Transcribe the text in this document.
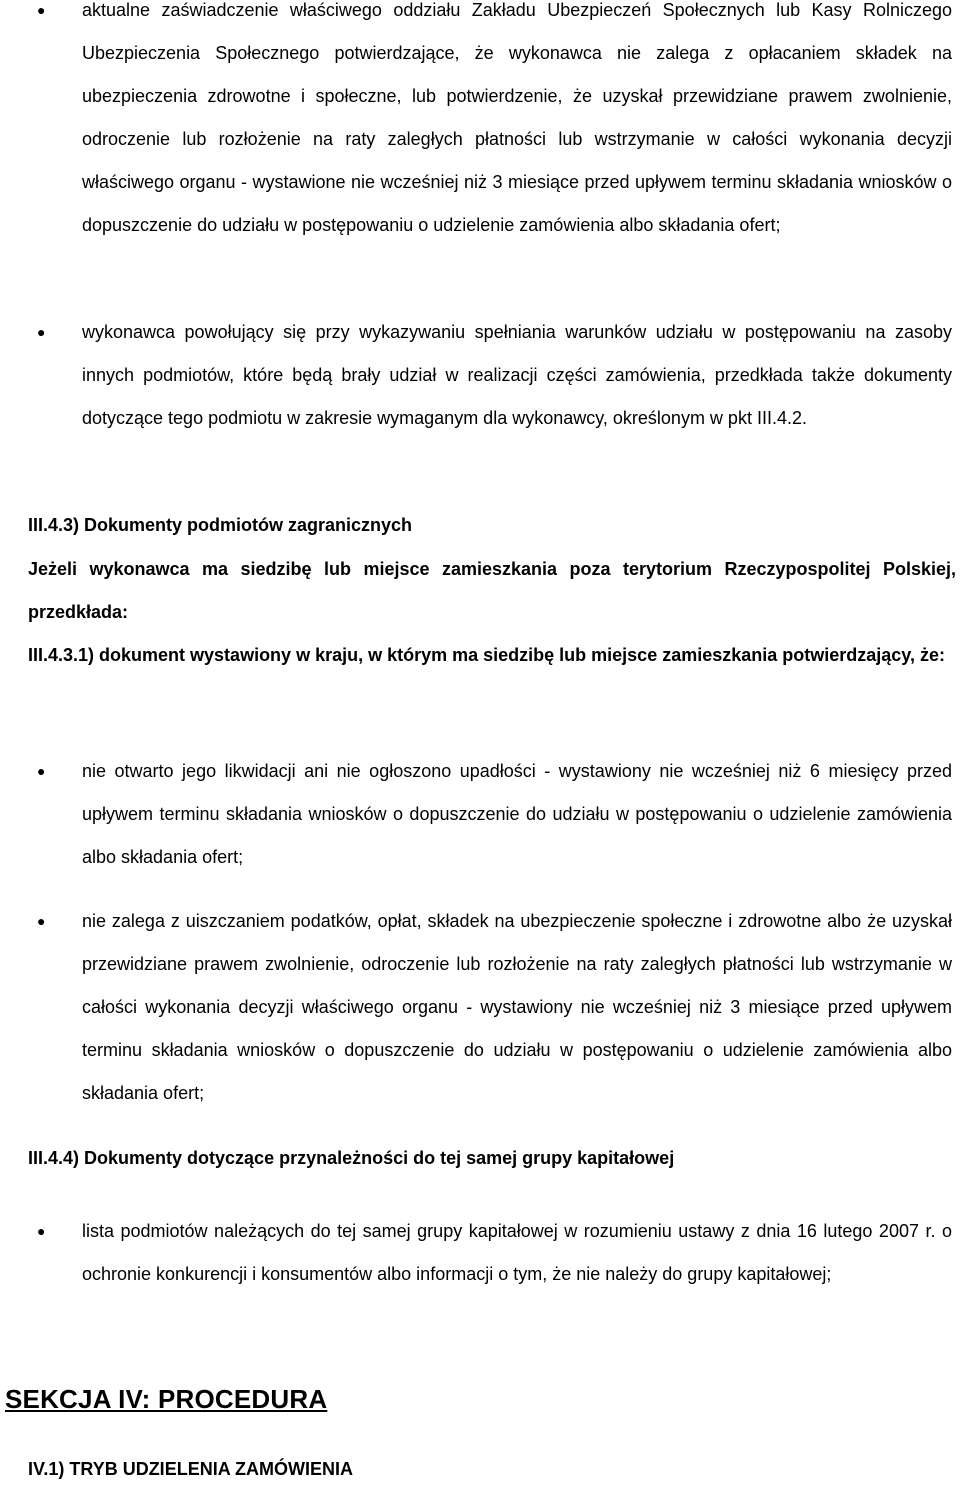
● aktualne zaświadczenie właściwego oddziału Zakładu Ubezpieczeń Społecznych lub Kasy Rolniczego Ubezpieczenia Społecznego potwierdzające, że wykonawca nie zalega z opłacaniem składek na ubezpieczenia zdrowotne i społeczne, lub potwierdzenie, że uzyskał przewidziane prawem zwolnienie, odroczenie lub rozłożenie na raty zaległych płatności lub wstrzymanie w całości wykonania decyzji właściwego organu - wystawione nie wcześniej niż 3 miesiące przed upływem terminu składania wniosków o dopuszczenie do udziału w postępowaniu o udzielenie zamówienia albo składania ofert;
● wykonawca powołujący się przy wykazywaniu spełniania warunków udziału w postępowaniu na zasoby innych podmiotów, które będą brały udział w realizacji części zamówienia, przedkłada także dokumenty dotyczące tego podmiotu w zakresie wymaganym dla wykonawcy, określonym w pkt III.4.2.
III.4.3) Dokumenty podmiotów zagranicznych
Jeżeli wykonawca ma siedzibę lub miejsce zamieszkania poza terytorium Rzeczypospolitej Polskiej, przedkłada:
III.4.3.1) dokument wystawiony w kraju, w którym ma siedzibę lub miejsce zamieszkania potwierdzający, że:
● nie otwarto jego likwidacji ani nie ogłoszono upadłości - wystawiony nie wcześniej niż 6 miesięcy przed upływem terminu składania wniosków o dopuszczenie do udziału w postępowaniu o udzielenie zamówienia albo składania ofert;
● nie zalega z uiszczaniem podatków, opłat, składek na ubezpieczenie społeczne i zdrowotne albo że uzyskał przewidziane prawem zwolnienie, odroczenie lub rozłożenie na raty zaległych płatności lub wstrzymanie w całości wykonania decyzji właściwego organu - wystawiony nie wcześniej niż 3 miesiące przed upływem terminu składania wniosków o dopuszczenie do udziału w postępowaniu o udzielenie zamówienia albo składania ofert;
III.4.4) Dokumenty dotyczące przynależności do tej samej grupy kapitałowej
● lista podmiotów należących do tej samej grupy kapitałowej w rozumieniu ustawy z dnia 16 lutego 2007 r. o ochronie konkurencji i konsumentów albo informacji o tym, że nie należy do grupy kapitałowej;
SEKCJA IV: PROCEDURA
IV.1) TRYB UDZIELENIA ZAMÓWIENIA
